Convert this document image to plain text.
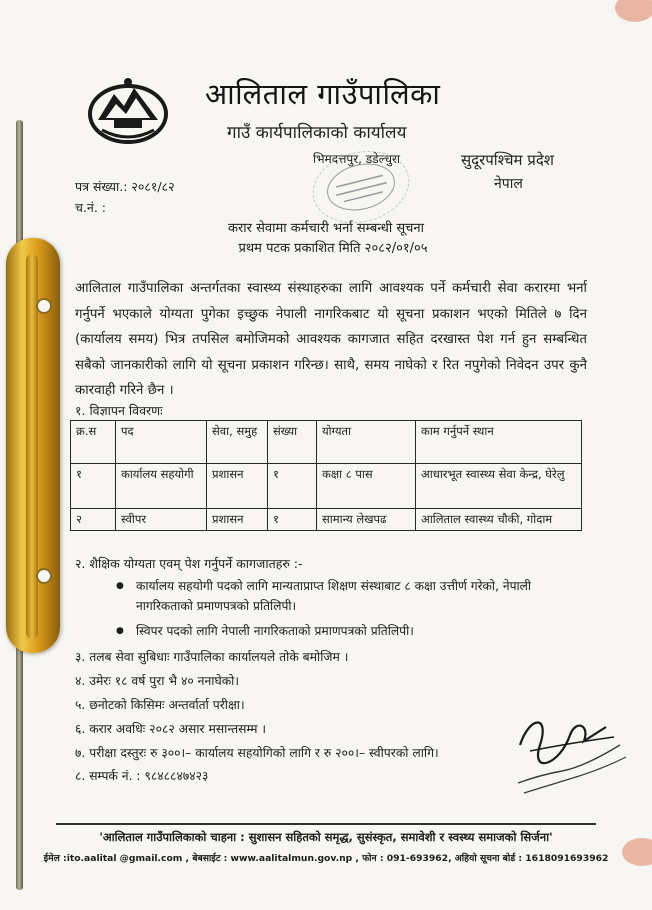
आलिताल गाउँपालिका
गाउँ कार्यपालिकाको कार्यालय
भिमदत्तपुर, डडेल्धुरा	सुदूरपश्चिम प्रदेश
नेपाल
पत्र संख्या.: २०८१/८२
च.नं. :
करार सेवामा कर्मचारी भर्ना सम्बन्धी सूचना
प्रथम पटक प्रकाशित मिति २०८२/०१/०५

आलिताल गाउँपालिका अन्तर्गतका स्वास्थ्य संस्थाहरुका लागि आवश्यक पर्ने कर्मचारी सेवा करारमा भर्ना गर्नुपर्ने भएकाले योग्यता पुगेका इच्छुक नेपाली नागरिकबाट यो सूचना प्रकाशन भएको मितिले ७ दिन (कार्यालय समय) भित्र तपसिल बमोजिमको आवश्यक कागजात सहित दरखास्त पेश गर्न हुन सम्बन्धित सबैको जानकारीको लागि यो सूचना प्रकाशन गरिन्छ। साथै, समय नाघेको र रित नपुगेको निवेदन उपर कुनै कारवाही गरिने छैन ।

१. विज्ञापन विवरणः
क्र.स	पद	सेवा, समुह	संख्या	योग्यता	काम गर्नुपर्ने स्थान
१	कार्यालय सहयोगी	प्रशासन	१	कक्षा ८ पास	आधारभूत स्वास्थ्य सेवा केन्द्र, घेरेलु
२	स्वीपर	प्रशासन	१	सामान्य लेखपढ	आलिताल स्वास्थ्य चौकी, गोदाम
२. शैक्षिक योग्यता एवम् पेश गर्नुपर्ने कागजातहरु :-
● कार्यालय सहयोगी पदको लागि मान्यताप्राप्त शिक्षण संस्थाबाट ८ कक्षा उत्तीर्ण गरेको, नेपाली नागरिकताको प्रमाणपत्रको प्रतिलिपी।
● स्विपर पदको लागि नेपाली नागरिकताको प्रमाणपत्रको प्रतिलिपी।
३. तलब सेवा सुबिधाः गाउँपालिका कार्यालयले तोके बमोजिम ।
४. उमेरः १८ वर्ष पुरा भै ४० ननाघेको।
५. छनोटको किसिमः अन्तर्वार्ता परीक्षा।
६. करार अवधिः २०८२ असार मसान्तसम्म ।
७. परीक्षा दस्तुरः रु ३००।– कार्यालय सहयोगिको लागि र रु २००।– स्वीपरको लागि।
८. सम्पर्क नं. : ९८४८८४७४२३
'आलिताल गाउँपालिकाको चाहना : सुशासन सहितको समृद्ध, सुसंस्कृत, समावेशी र स्वस्थ्य समाजको सिर्जना'
ईमेल :ito.aalital @gmail.com , बेबसाईट : www.aalitalmun.gov.np , फोन : 091-693962, अहियो सूचना बोर्ड : 1618091693962
